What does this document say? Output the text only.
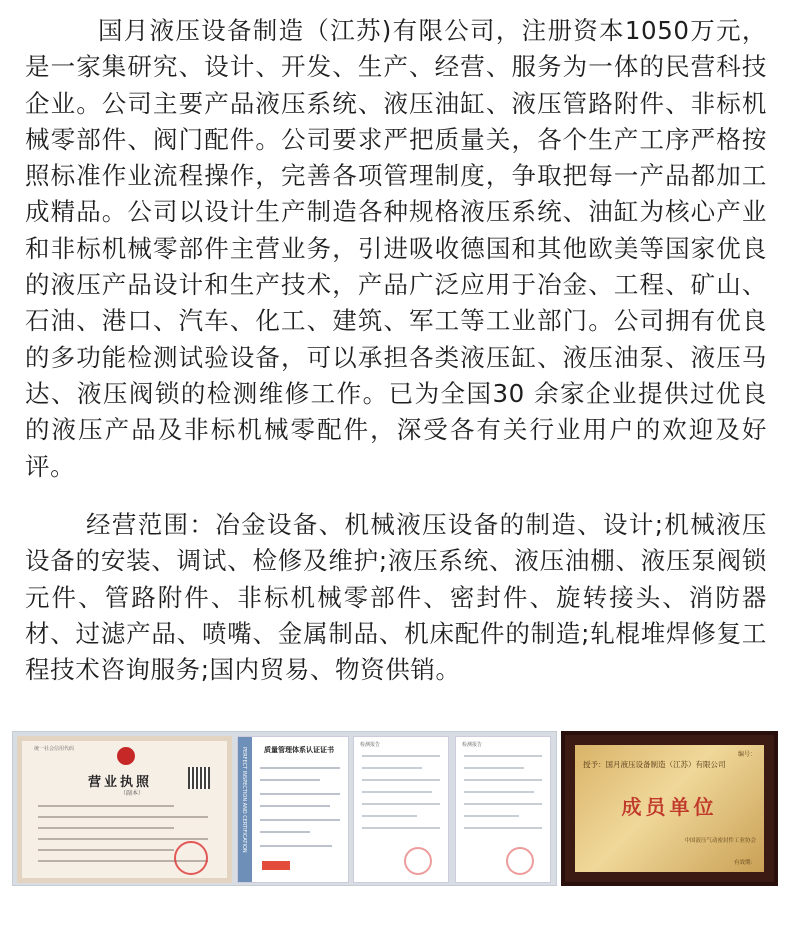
国月液压设备制造（江苏)有限公司，注册资本1050万元，是一家集研究、设计、开发、生产、经营、服务为一体的民营科技企业。公司主要产品液压系统、液压油缸、液压管路附件、非标机械零部件、阀门配件。公司要求严把质量关，各个生产工序严格按照标准作业流程操作，完善各项管理制度，争取把每一产品都加工成精品。公司以设计生产制造各种规格液压系统、油缸为核心产业和非标机械零部件主营业务，引进吸收德国和其他欧美等国家优良的液压产品设计和生产技术，产品广泛应用于冶金、工程、矿山、石油、港口、汽车、化工、建筑、军工等工业部门。公司拥有优良的多功能检测试验设备，可以承担各类液压缸、液压油泵、液压马达、液压阀锁的检测维修工作。已为全国30 余家企业提供过优良的液压产品及非标机械零配件，深受各有关行业用户的欢迎及好评。

经营范围：冶金设备、机械液压设备的制造、设计;机械液压设备的安装、调试、检修及维护;液压系统、液压油棚、液压泵阀锁元件、管路附件、非标机械零部件、密封件、旋转接头、消防器材、过滤产品、喷嘴、金属制品、机床配件的制造;轧棍堆焊修复工程技术咨询服务;国内贸易、物资供销。

统一社会信用代码
营业执照
（副本）	PERFECT INSPECTION AND CERTIFICATION 质量管理体系认证证书
检测报告	检测报告
编号：
授予：国月液压设备制造（江苏）有限公司
成员单位
中国液压气动密封件工业协会
有效期：
